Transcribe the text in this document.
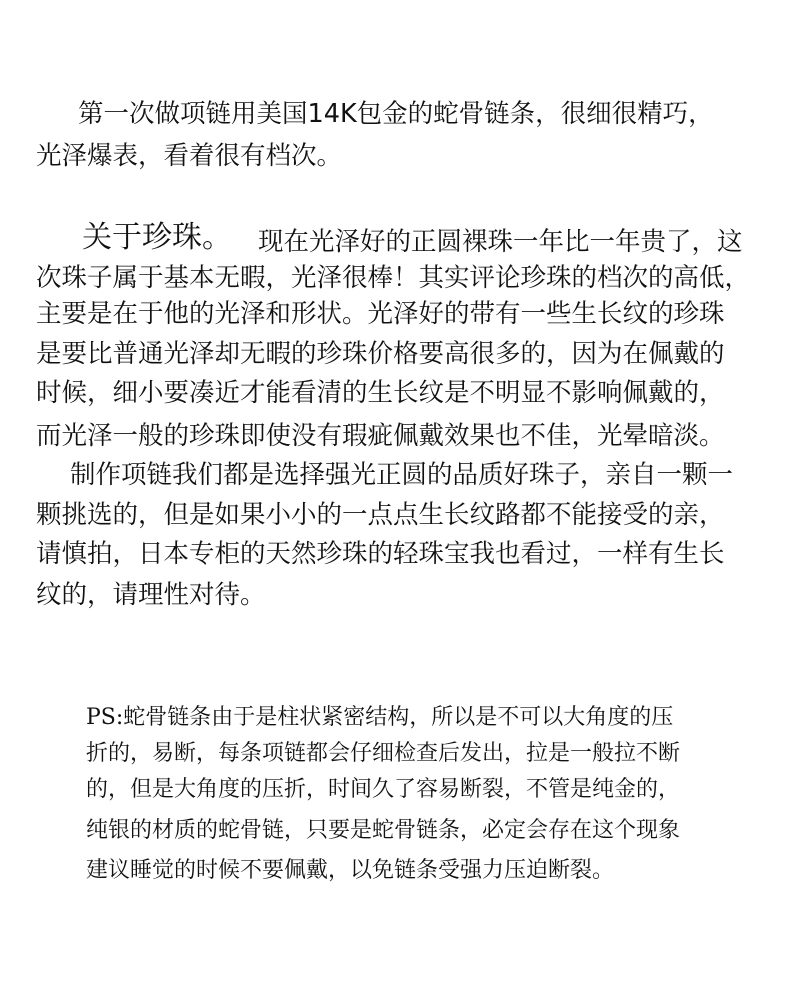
第一次做项链用美国14K包金的蛇骨链条，很细很精巧，
光泽爆表，看着很有档次。
关于珍珠。 现在光泽好的正圆裸珠一年比一年贵了，这
次珠子属于基本无暇，光泽很棒！其实评论珍珠的档次的高低，
主要是在于他的光泽和形状。光泽好的带有一些生长纹的珍珠
是要比普通光泽却无暇的珍珠价格要高很多的，因为在佩戴的
时候，细小要凑近才能看清的生长纹是不明显不影响佩戴的，
而光泽一般的珍珠即使没有瑕疵佩戴效果也不佳，光晕暗淡。
制作项链我们都是选择强光正圆的品质好珠子，亲自一颗一
颗挑选的，但是如果小小的一点点生长纹路都不能接受的亲，
请慎拍，日本专柜的天然珍珠的轻珠宝我也看过，一样有生长
纹的，请理性对待。
PS:蛇骨链条由于是柱状紧密结构，所以是不可以大角度的压
折的，易断，每条项链都会仔细检查后发出，拉是一般拉不断
的，但是大角度的压折，时间久了容易断裂，不管是纯金的，
纯银的材质的蛇骨链，只要是蛇骨链条，必定会存在这个现象
建议睡觉的时候不要佩戴，以免链条受强力压迫断裂。
